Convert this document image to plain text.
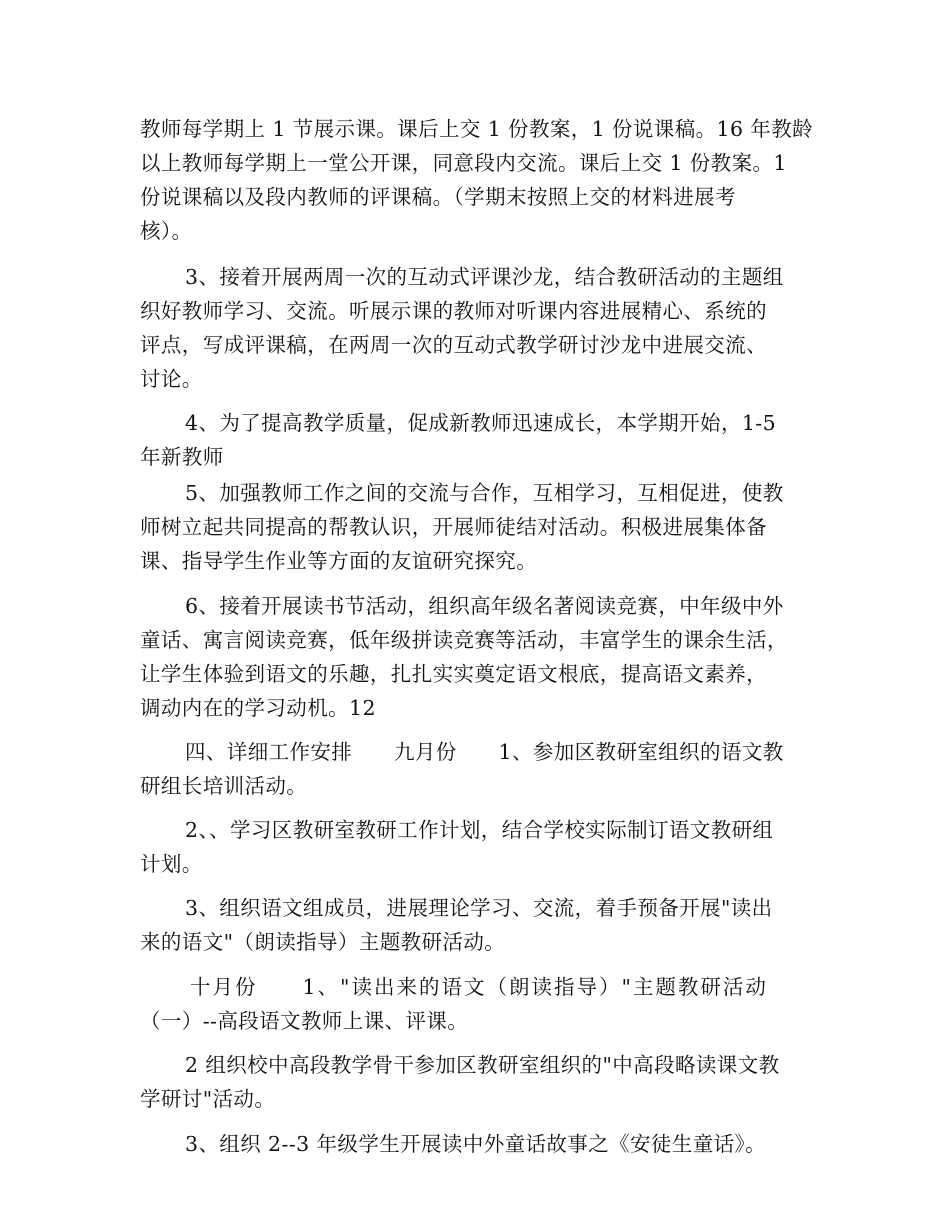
教师每学期上 1 节展示课。课后上交 1 份教案，1 份说课稿。16 年教龄
以上教师每学期上一堂公开课，同意段内交流。课后上交 1 份教案。1
份说课稿以及段内教师的评课稿。（学期末按照上交的材料进展考
核）。
3、接着开展两周一次的互动式评课沙龙，结合教研活动的主题组
织好教师学习、交流。听展示课的教师对听课内容进展精心、系统的
评点，写成评课稿，在两周一次的互动式教学研讨沙龙中进展交流、
讨论。
4、为了提高教学质量，促成新教师迅速成长，本学期开始，1-5
年新教师
5、加强教师工作之间的交流与合作，互相学习，互相促进，使教
师树立起共同提高的帮教认识，开展师徒结对活动。积极进展集体备
课、指导学生作业等方面的友谊研究探究。
6、接着开展读书节活动，组织高年级名著阅读竞赛，中年级中外
童话、寓言阅读竞赛，低年级拼读竞赛等活动，丰富学生的课余生活，
让学生体验到语文的乐趣，扎扎实实奠定语文根底，提高语文素养，
调动内在的学习动机。12
四、详细工作安排　　九月份　　1、参加区教研室组织的语文教
研组长培训活动。
2、、学习区教研室教研工作计划，结合学校实际制订语文教研组
计划。
3、组织语文组成员，进展理论学习、交流，着手预备开展"读出
来的语文"（朗读指导）主题教研活动。
十月份　　1、"读出来的语文（朗读指导）"主题教研活动
（一）--高段语文教师上课、评课。
2 组织校中高段教学骨干参加区教研室组织的"中高段略读课文教
学研讨"活动。
3、组织 2--3 年级学生开展读中外童话故事之《安徒生童话》。
